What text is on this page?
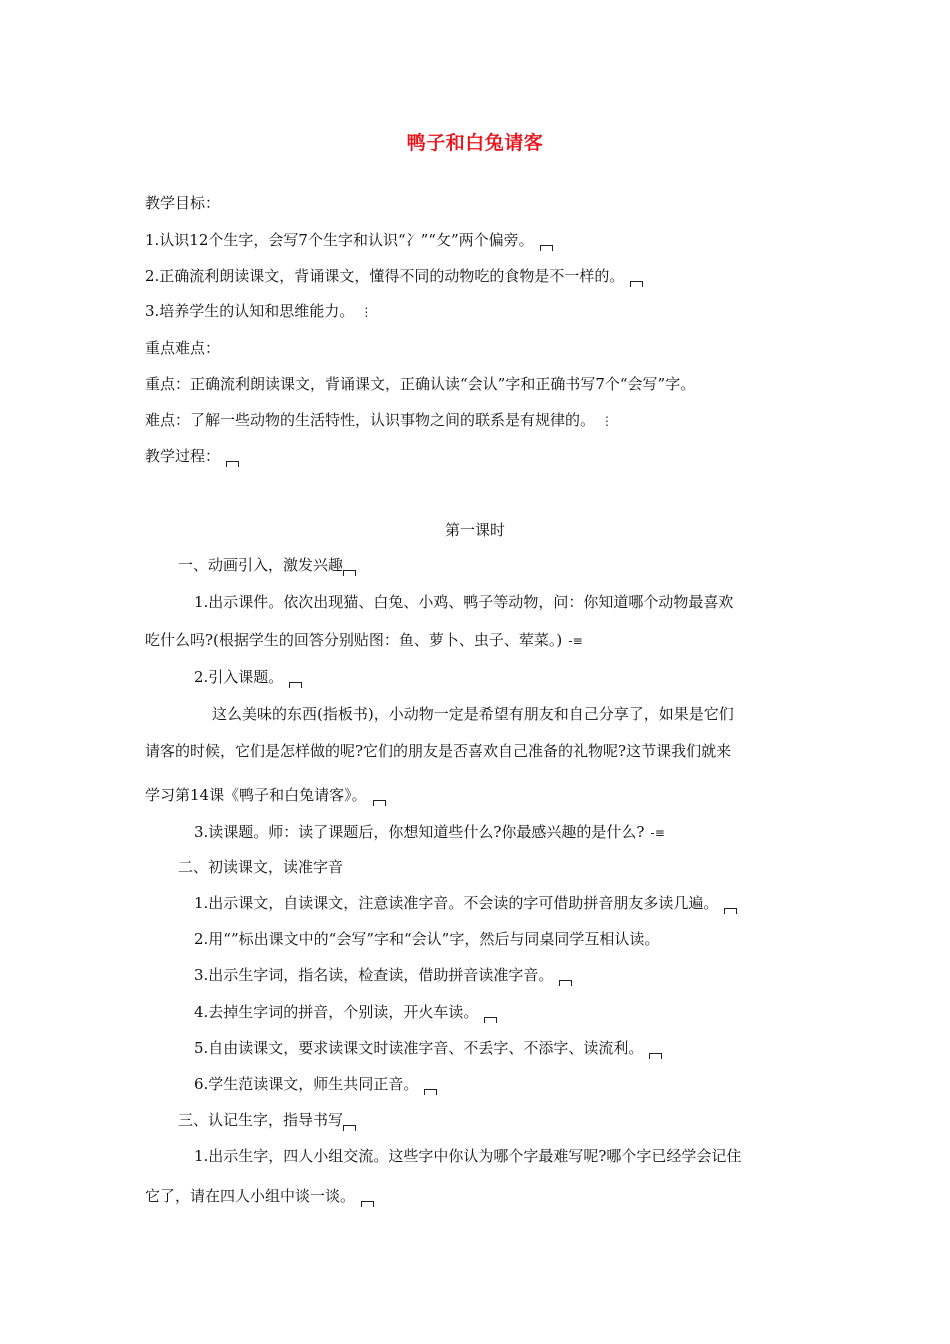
鸭子和白兔请客
教学目标：
1.认识12个生字，会写7个生字和认识“冫”“攵”两个偏旁。
2.正确流利朗读课文，背诵课文，懂得不同的动物吃的食物是不一样的。
3.培养学生的认知和思维能力。 ⋮
重点难点：
重点：正确流利朗读课文，背诵课文，正确认读“会认”字和正确书写7个“会写”字。
难点：了解一些动物的生活特性，认识事物之间的联系是有规律的。 ⋮
教学过程：
第一课时
一、动画引入，激发兴趣
1.出示课件。依次出现猫、白兔、小鸡、鸭子等动物，问：你知道哪个动物最喜欢
吃什么吗?(根据学生的回答分别贴图：鱼、萝卜、虫子、荤菜。) -≡
2.引入课题。
这么美味的东西(指板书)，小动物一定是希望有朋友和自己分享了，如果是它们
请客的时候，它们是怎样做的呢?它们的朋友是否喜欢自己准备的礼物呢?这节课我们就来
学习第14课《鸭子和白兔请客》。
3.读课题。师：读了课题后，你想知道些什么?你最感兴趣的是什么? -≡
二、初读课文，读准字音
1.出示课文，自读课文，注意读准字音。不会读的字可借助拼音朋友多读几遍。
2.用“”标出课文中的“会写”字和“会认”字，然后与同桌同学互相认读。
3.出示生字词，指名读，检查读，借助拼音读准字音。
4.去掉生字词的拼音，个别读，开火车读。
5.自由读课文，要求读课文时读准字音、不丢字、不添字、读流利。
6.学生范读课文，师生共同正音。
三、认记生字，指导书写
1.出示生字，四人小组交流。这些字中你认为哪个字最难写呢?哪个字已经学会记住
它了，请在四人小组中谈一谈。
